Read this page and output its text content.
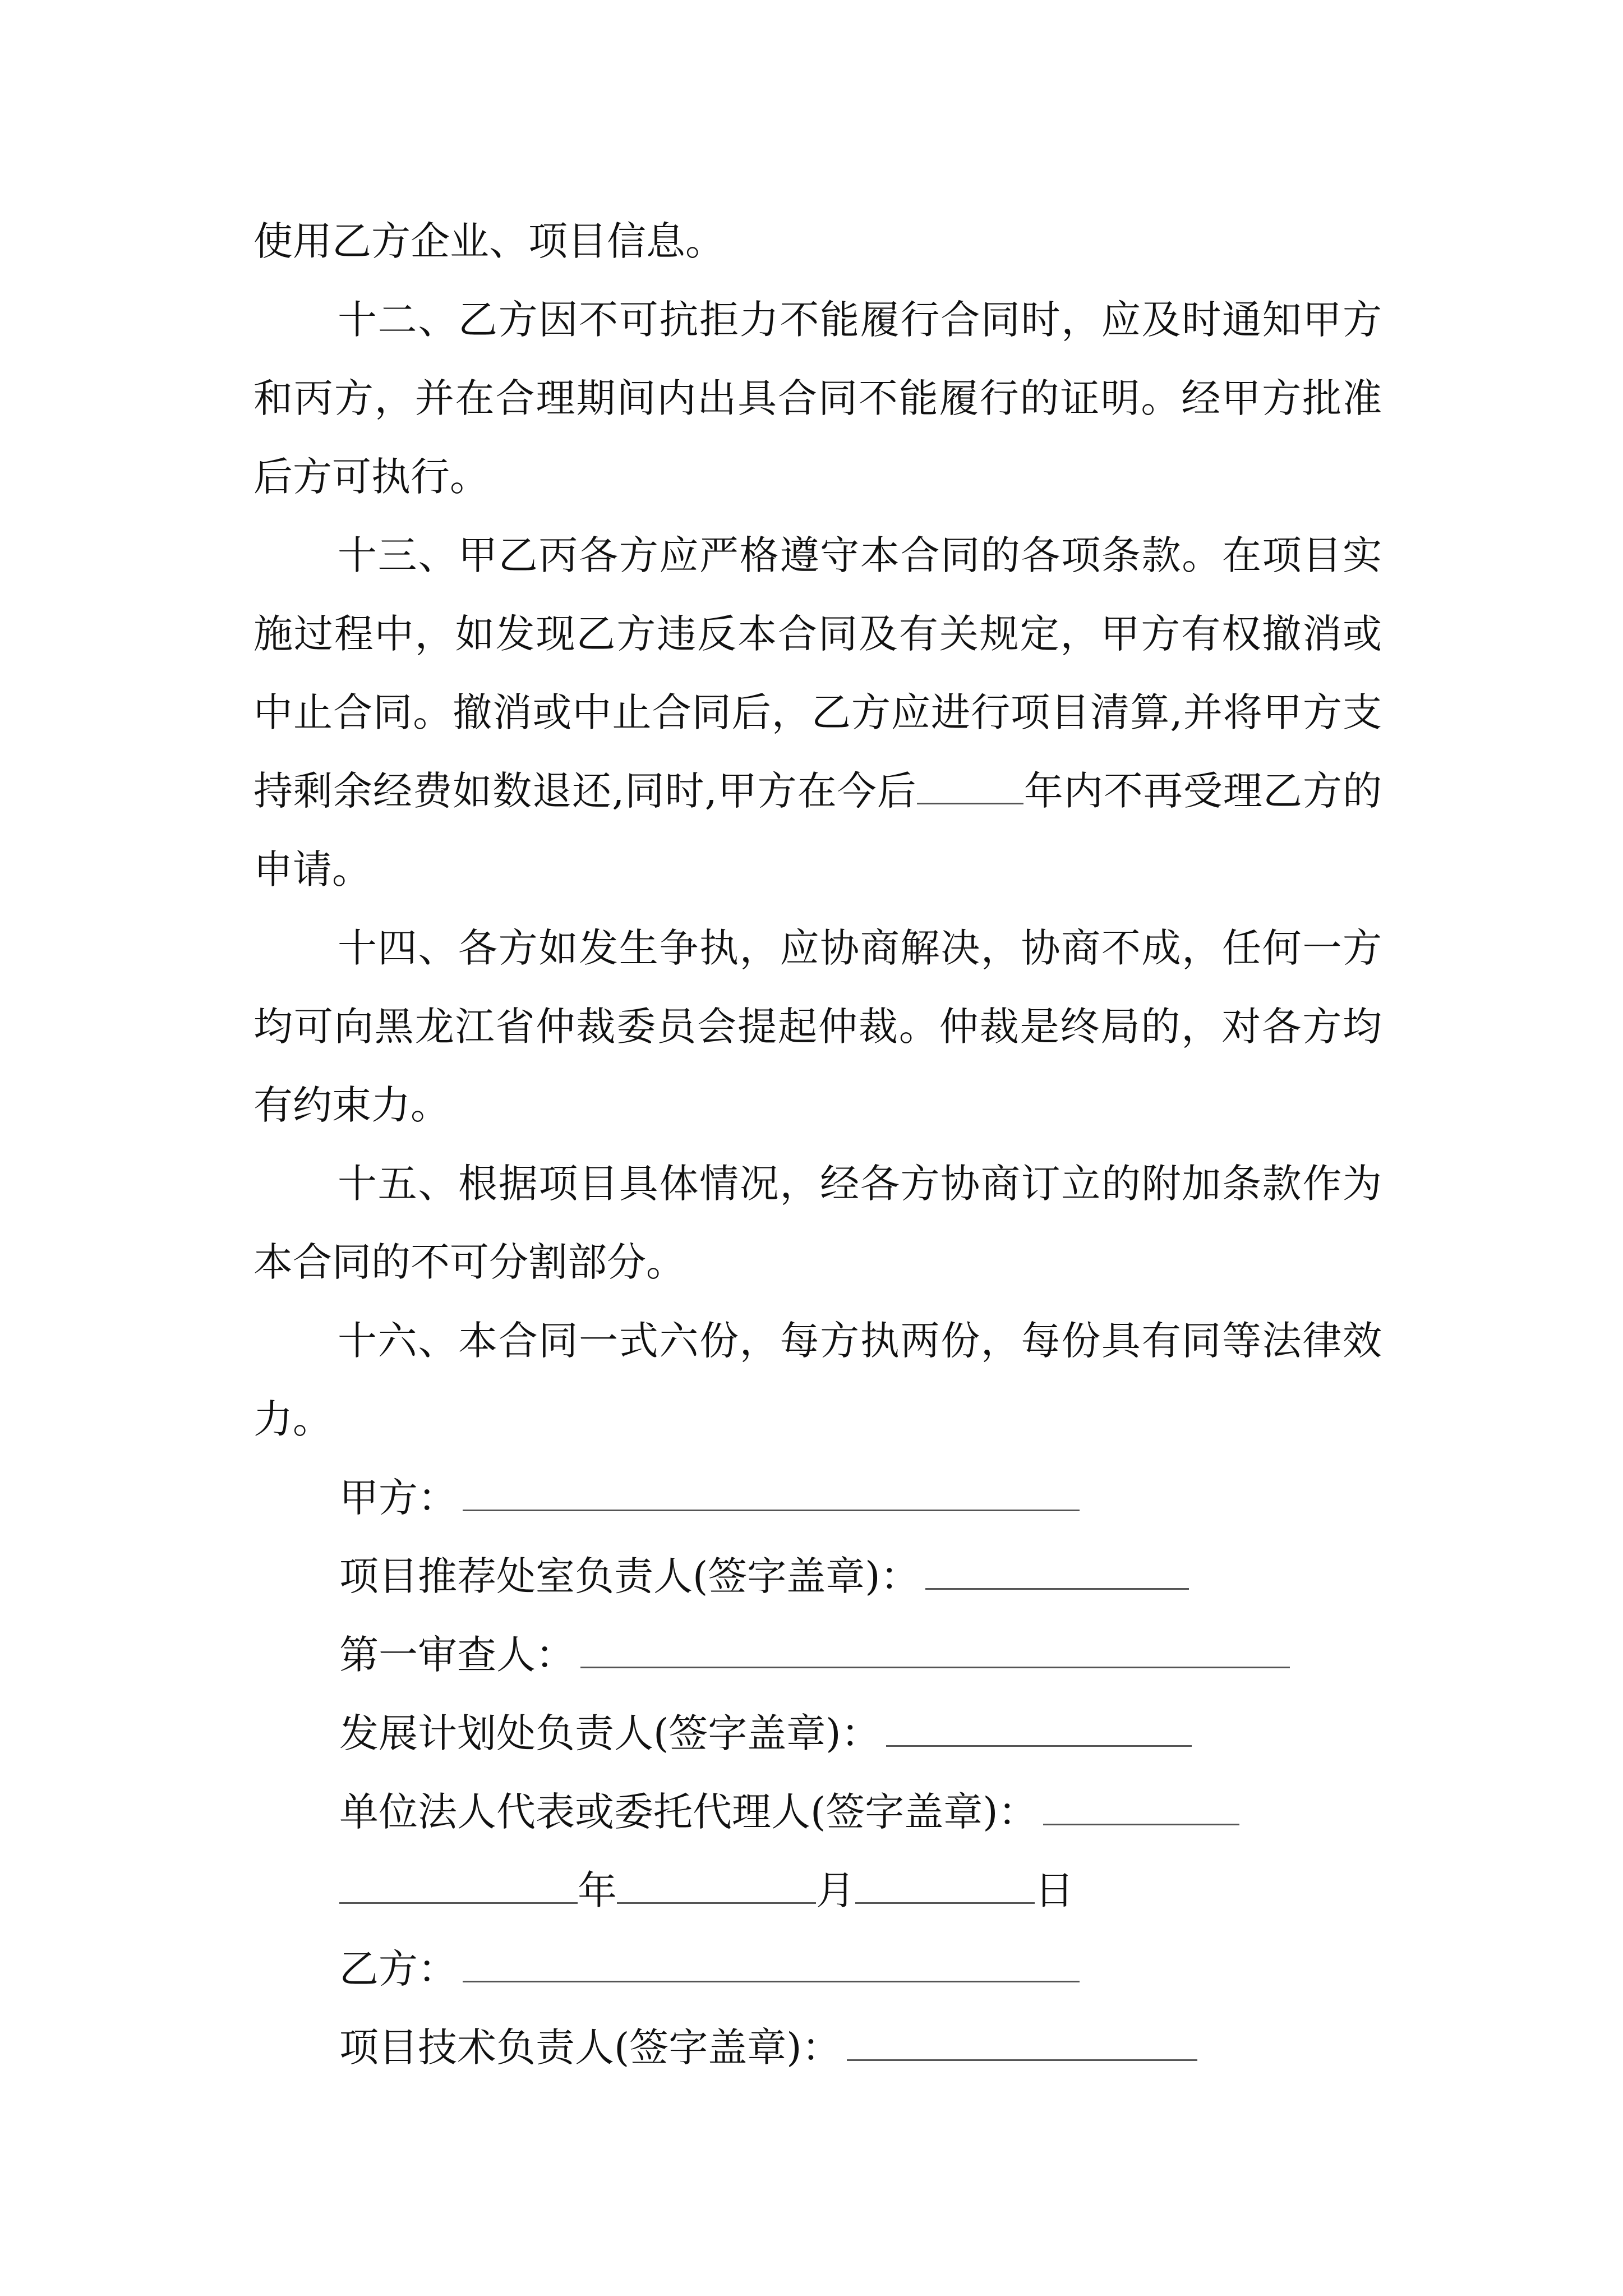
使用乙方企业、项目信息。

十二、乙方因不可抗拒力不能履行合同时，应及时通知甲方和丙方，并在合理期间内出具合同不能履行的证明。经甲方批准后方可执行。

十三、甲乙丙各方应严格遵守本合同的各项条款。在项目实施过程中，如发现乙方违反本合同及有关规定，甲方有权撤消或中止合同。撤消或中止合同后，乙方应进行项目清算,并将甲方支持剩余经费如数退还,同时,甲方在今后	年内不再受理乙方的申请。

十四、各方如发生争执，应协商解决，协商不成，任何一方均可向黑龙江省仲裁委员会提起仲裁。仲裁是终局的，对各方均有约束力。

十五、根据项目具体情况，经各方协商订立的附加条款作为本合同的不可分割部分。

十六、本合同一式六份，每方执两份，每份具有同等法律效力。

甲方：
项目推荐处室负责人(签字盖章)：
第一审查人：
发展计划处负责人(签字盖章)：
单位法人代表或委托代理人(签字盖章)：
年	月	日
乙方：
项目技术负责人(签字盖章)：
